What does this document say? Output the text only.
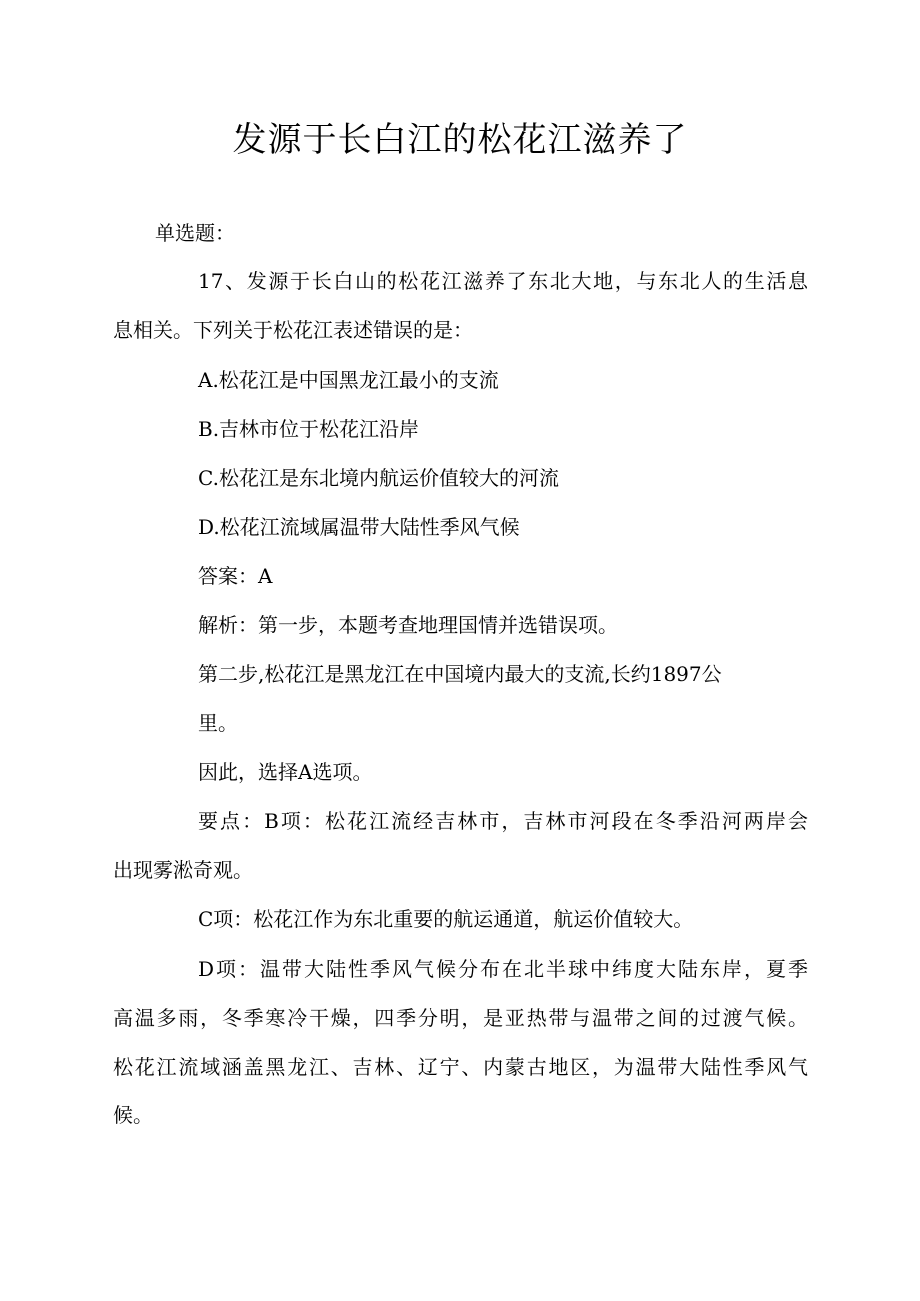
发源于长白江的松花江滋养了
单选题：
17、发源于长白山的松花江滋养了东北大地，与东北人的生活息
息相关。下列关于松花江表述错误的是：
A.松花江是中国黑龙江最小的支流
B.吉林市位于松花江沿岸
C.松花江是东北境内航运价值较大的河流
D.松花江流域属温带大陆性季风气候
答案：A
解析：第一步，本题考查地理国情并选错误项。
第二步,松花江是黑龙江在中国境内最大的支流,长约1897公
里。
因此，选择A选项。
要点：B项：松花江流经吉林市，吉林市河段在冬季沿河两岸会
出现雾淞奇观。
C项：松花江作为东北重要的航运通道，航运价值较大。
D项：温带大陆性季风气候分布在北半球中纬度大陆东岸，夏季
高温多雨，冬季寒冷干燥，四季分明，是亚热带与温带之间的过渡气候。
松花江流域涵盖黑龙江、吉林、辽宁、内蒙古地区，为温带大陆性季风气
候。
